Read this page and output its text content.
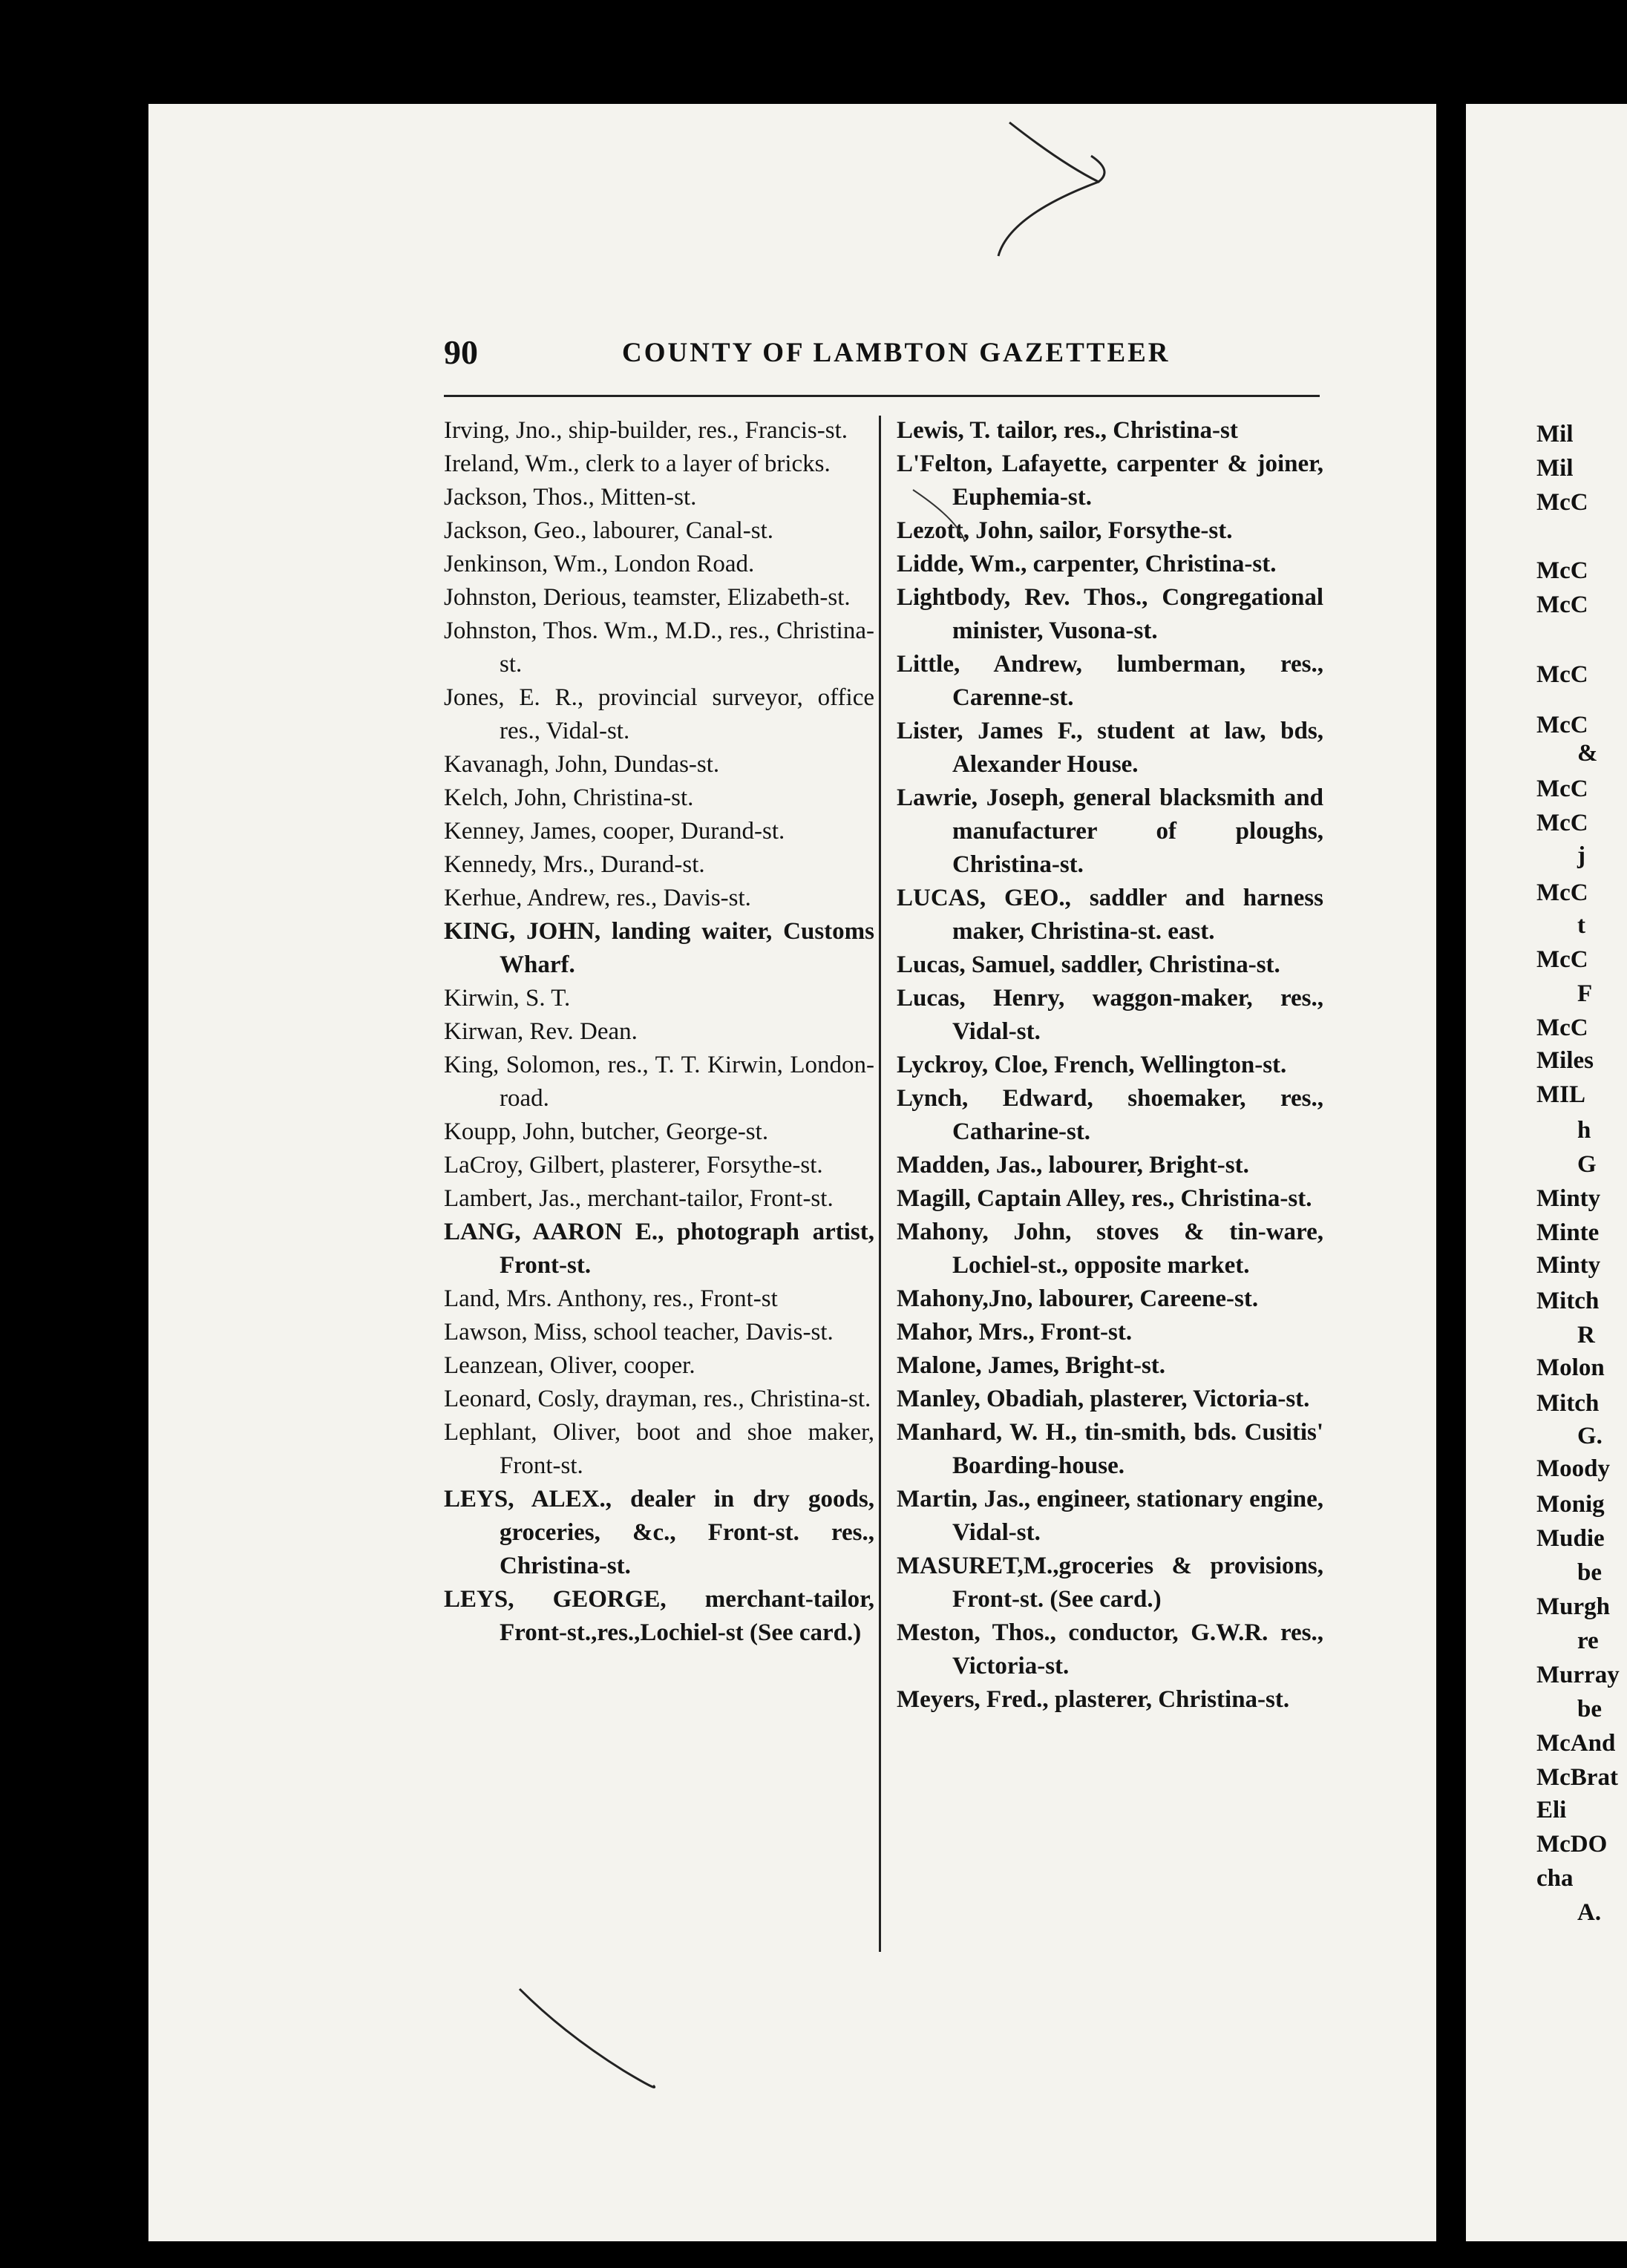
Mil
Mil
McC
McC
McC
McC
McC
&
McC
McC
j
McC
t
McC
F
McC
Miles
MIL
h
G
Minty
Minte
Minty
Mitch
R
Molon
Mitch
G.
Moody
Monig
Mudie
be
Murgh
re
Murray
be
McAnd
McBrat
Eli
McDO
cha
A.
90	COUNTY OF LAMBTON GAZETTEER

Irving, Jno., ship-builder, res., Francis-st.

Ireland, Wm., clerk to a layer of bricks.

Jackson, Thos., Mitten-st.

Jackson, Geo., labourer, Canal-st.

Jenkinson, Wm., London Road.

Johnston, Derious, teamster, Elizabeth-st.

Johnston, Thos. Wm., M.D., res., Christina-st.

Jones, E. R., provincial surveyor, office res., Vidal-st.

Kavanagh, John, Dundas-st.

Kelch, John, Christina-st.

Kenney, James, cooper, Durand-st.

Kennedy, Mrs., Durand-st.

Kerhue, Andrew, res., Davis-st.

KING, JOHN, landing waiter, Customs Wharf.

Kirwin, S. T.

Kirwan, Rev. Dean.

King, Solomon, res., T. T. Kirwin, London-road.

Koupp, John, butcher, George-st.

LaCroy, Gilbert, plasterer, Forsythe-st.

Lambert, Jas., merchant-tailor, Front-st.

LANG, AARON E., photograph artist, Front-st.

Land, Mrs. Anthony, res., Front-st

Lawson, Miss, school teacher, Davis-st.

Leanzean, Oliver, cooper.

Leonard, Cosly, drayman, res., Christina-st.

Lephlant, Oliver, boot and shoe maker, Front-st.

LEYS, ALEX., dealer in dry goods, groceries, &c., Front-st. res., Christina-st.

LEYS, GEORGE, merchant-tailor, Front-st.,res.,Lochiel-st (See card.)

Lewis, T. tailor, res., Christina-st

L'Felton, Lafayette, carpenter & joiner, Euphemia-st.

Lezott, John, sailor, Forsythe-st.

Lidde, Wm., carpenter, Christina-st.

Lightbody, Rev. Thos., Congregational minister, Vusona-st.

Little, Andrew, lumberman, res., Carenne-st.

Lister, James F., student at law, bds, Alexander House.

Lawrie, Joseph, general blacksmith and manufacturer of ploughs, Christina-st.

LUCAS, GEO., saddler and harness maker, Christina-st. east.

Lucas, Samuel, saddler, Christina-st.

Lucas, Henry, waggon-maker, res., Vidal-st.

Lyckroy, Cloe, French, Wellington-st.

Lynch, Edward, shoemaker, res., Catharine-st.

Madden, Jas., labourer, Bright-st.

Magill, Captain Alley, res., Christina-st.

Mahony, John, stoves & tin-ware, Lochiel-st., opposite market.

Mahony,Jno, labourer, Careene-st.

Mahor, Mrs., Front-st.

Malone, James, Bright-st.

Manley, Obadiah, plasterer, Victoria-st.

Manhard, W. H., tin-smith, bds. Cusitis' Boarding-house.

Martin, Jas., engineer, stationary engine, Vidal-st.

MASURET,M.,groceries & provisions, Front-st. (See card.)

Meston, Thos., conductor, G.W.R. res., Victoria-st.

Meyers, Fred., plasterer, Christina-st.
